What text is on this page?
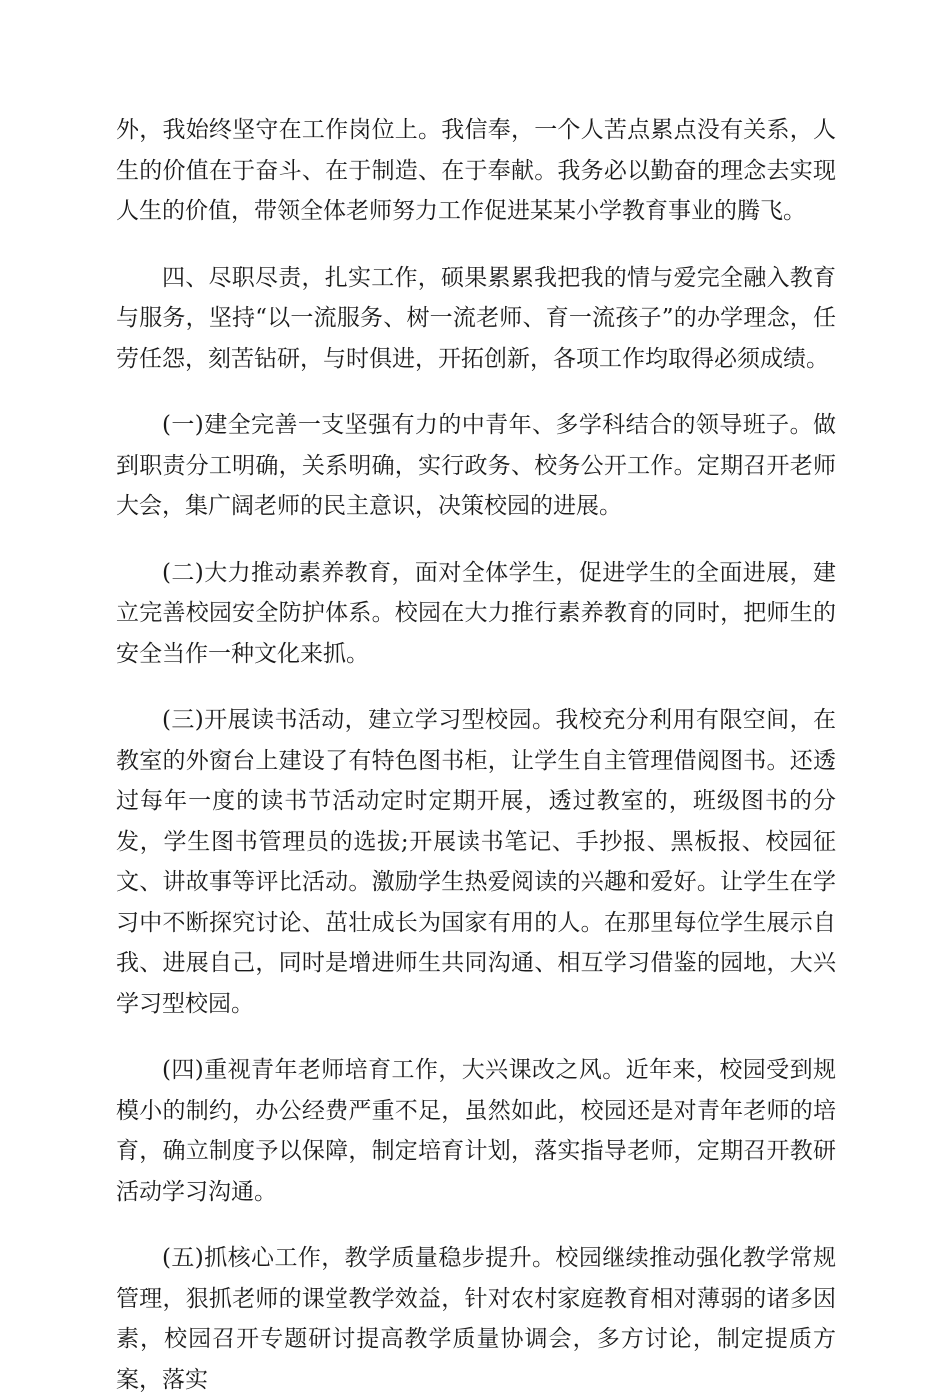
外，我始终坚守在工作岗位上。我信奉，一个人苦点累点没有关系，人生的价值在于奋斗、在于制造、在于奉献。我务必以勤奋的理念去实现人生的价值，带领全体老师努力工作促进某某小学教育事业的腾飞。

四、尽职尽责，扎实工作，硕果累累我把我的情与爱完全融入教育与服务，坚持“以一流服务、树一流老师、育一流孩子”的办学理念，任劳任怨，刻苦钻研，与时俱进，开拓创新，各项工作均取得必须成绩。

(一)建全完善一支坚强有力的中青年、多学科结合的领导班子。做到职责分工明确，关系明确，实行政务、校务公开工作。定期召开老师大会，集广阔老师的民主意识，决策校园的进展。

(二)大力推动素养教育，面对全体学生，促进学生的全面进展，建立完善校园安全防护体系。校园在大力推行素养教育的同时，把师生的安全当作一种文化来抓。

(三)开展读书活动，建立学习型校园。我校充分利用有限空间，在教室的外窗台上建设了有特色图书柜，让学生自主管理借阅图书。还透过每年一度的读书节活动定时定期开展，透过教室的，班级图书的分发，学生图书管理员的选拔;开展读书笔记、手抄报、黑板报、校园征文、讲故事等评比活动。激励学生热爱阅读的兴趣和爱好。让学生在学习中不断探究讨论、茁壮成长为国家有用的人。在那里每位学生展示自我、进展自己，同时是增进师生共同沟通、相互学习借鉴的园地，大兴学习型校园。

(四)重视青年老师培育工作，大兴课改之风。近年来，校园受到规模小的制约，办公经费严重不足，虽然如此，校园还是对青年老师的培育，确立制度予以保障，制定培育计划，落实指导老师，定期召开教研活动学习沟通。

(五)抓核心工作，教学质量稳步提升。校园继续推动强化教学常规管理，狠抓老师的课堂教学效益，针对农村家庭教育相对薄弱的诸多因素，校园召开专题研讨提高教学质量协调会，多方讨论，制定提质方案，落实
